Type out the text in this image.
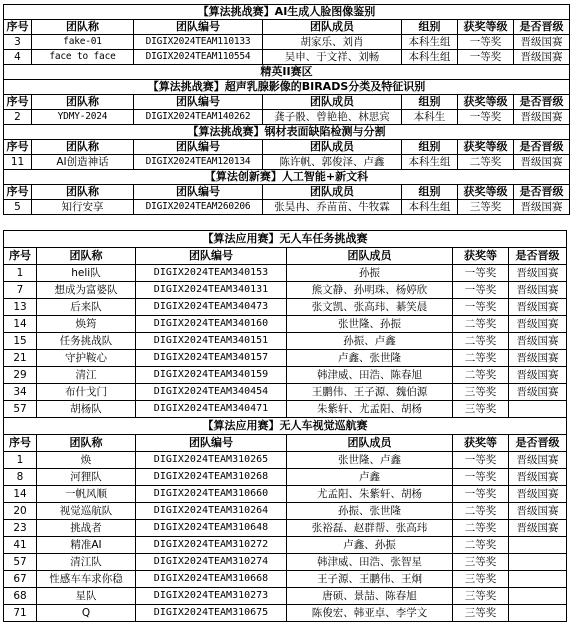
【算法挑战赛】AI生成人脸图像鉴别						
序号	团队称	团队编号	团队成员	组别	获奖等级	是否晋级
3	fake-01	DIGIX2024TEAM110133	胡家乐、刘肖	本科生组	一等奖	晋级国赛
4	face to face	DIGIX2024TEAM110554	吴申、于文祥、刘畅	本科生组	一等奖	晋级国赛
精英II赛区						
【算法挑战赛】超声乳腺影像的BIRADS分类及特征识别						
序号	团队称	团队编号	团队成员	组别	获奖等级	是否晋级
2	YDMY-2024	DIGIX2024TEAM140262	龚子骰、曾艳艳、林思宾	本科生	一等奖	晋级国赛
【算法挑战赛】钢材表面缺陷检测与分割						
序号	团队称	团队编号	团队成员	组别	获奖等级	是否晋级
11	AI创造神话	DIGIX2024TEAM120134	陈许帆、郭俊泽、卢鑫	本科生组	二等奖	晋级国赛
【算法创新赛】人工智能+新文科						
序号	团队称	团队编号	团队成员	组别	获奖等级	是否晋级
5	知行安享	DIGIX2024TEAM260206	张昊冉、乔苗苗、牛牧霖	本科生组	三等奖	晋级国赛
【算法应用赛】无人车任务挑战赛					
序号	团队称	团队编号	团队成员	获奖等	是否晋级
1	heli队	DIGIX2024TEAM340153	孙振	一等奖	晋级国赛
7	想成为富婆队	DIGIX2024TEAM340131	熊文静、孙明珠、杨婷欣	一等奖	晋级国赛
13	后来队	DIGIX2024TEAM340473	张文凯、张高玮、綦笑晨	一等奖	晋级国赛
14	焕筠	DIGIX2024TEAM340160	张世隆、孙振	二等奖	晋级国赛
15	任务挑战队	DIGIX2024TEAM340151	孙振、卢鑫	二等奖	晋级国赛
21	守护鞍心	DIGIX2024TEAM340157	卢鑫、张世隆	二等奖	晋级国赛
29	清江	DIGIX2024TEAM340159	韩津威、田浩、陈春旭	二等奖	晋级国赛
34	布什戈门	DIGIX2024TEAM340454	王鹏伟、王子源、魏伯源	三等奖	晋级国赛
57	胡杨队	DIGIX2024TEAM340471	朱紫轩、尤孟阳、胡杨	三等奖	
【算法应用赛】无人车视觉巡航赛					
序号	团队称	团队编号	团队成员	获奖等	是否晋级
1	焕	DIGIX2024TEAM310265	张世隆、卢鑫	一等奖	晋级国赛
8	河狸队	DIGIX2024TEAM310268	卢鑫	一等奖	晋级国赛
14	一帆风顺	DIGIX2024TEAM310660	尤孟阳、朱紫轩、胡杨	一等奖	晋级国赛
20	视觉巡航队	DIGIX2024TEAM310264	孙振、张世隆	二等奖	晋级国赛
23	挑战者	DIGIX2024TEAM310648	张裕磊、赵群帮、张高玮	二等奖	晋级国赛
41	精准AI	DIGIX2024TEAM310272	卢鑫、孙振	二等奖	
57	清江队	DIGIX2024TEAM310274	韩津威、田浩、张智星	三等奖	
67	性感车车求你稳	DIGIX2024TEAM310668	王子源、王鹏伟、王炯	三等奖	
68	星队	DIGIX2024TEAM310273	唐硕、景喆、陈春旭	三等奖	
71	Q	DIGIX2024TEAM310675	陈俊宏、韩亚卓、李学文	三等奖	
